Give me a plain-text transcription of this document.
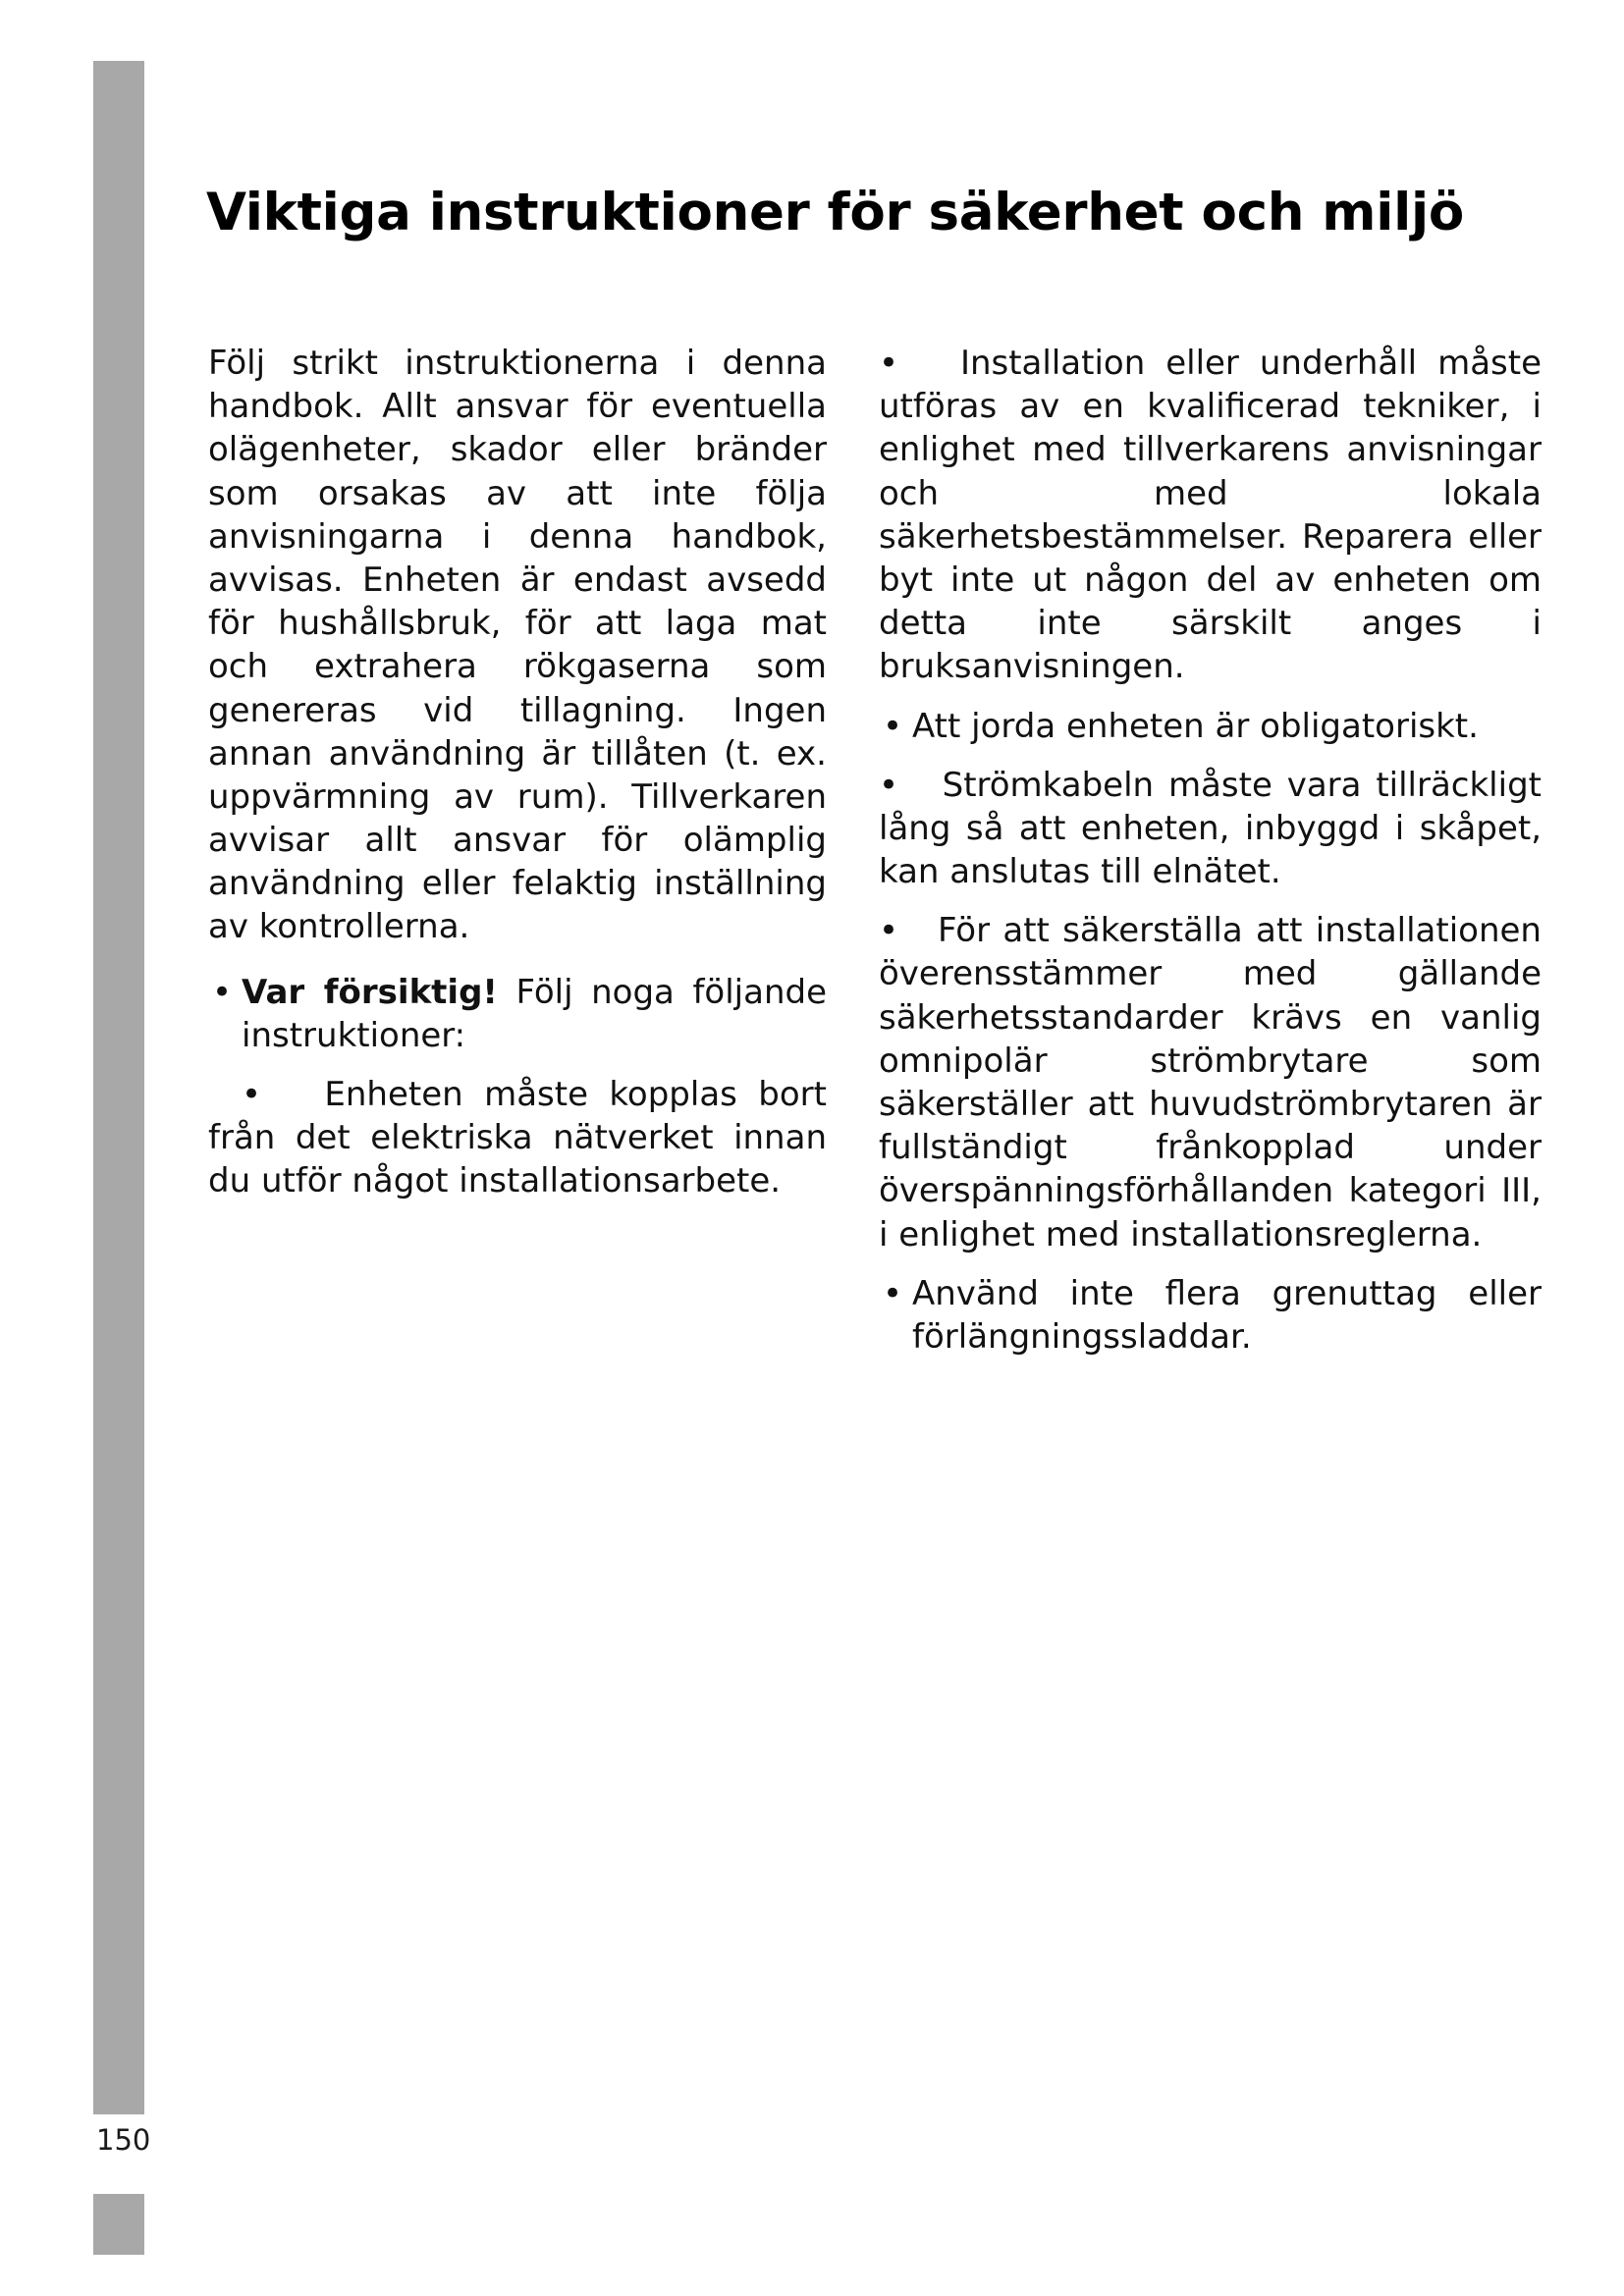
150
Viktiga instruktioner för säkerhet och miljö

Följ strikt instruktionerna i denna handbok. Allt ansvar för eventuella olägenheter, skador eller bränder som orsakas av att inte följa anvisningarna i denna handbok, avvisas. Enheten är endast avsedd för hushållsbruk, för att laga mat och extrahera rökgaserna som genereras vid tillagning. Ingen annan användning är tillåten (t. ex. uppvärmning av rum). Tillverkaren avvisar allt ansvar för olämplig användning eller felaktig inställning av kontrollerna.

• Var försiktig! Följ noga följande instruktioner:
• Enheten måste kopplas bort från det elektriska nätverket innan du utför något installationsarbete.
• Installation eller underhåll måste utföras av en kvalificerad tekniker, i enlighet med tillverkarens anvisningar och med lokala säkerhetsbestämmelser. Reparera eller byt inte ut någon del av enheten om detta inte särskilt anges i bruksanvisningen.
• Att jorda enheten är obligatoriskt.
• Strömkabeln måste vara tillräckligt lång så att enheten, inbyggd i skåpet, kan anslutas till elnätet.
• För att säkerställa att installationen överensstämmer med gällande säkerhetsstandarder krävs en vanlig omnipolär strömbrytare som säkerställer att huvudströmbrytaren är fullständigt frånkopplad under överspänningsförhållanden kategori III, i enlighet med installationsreglerna.
• Använd inte flera grenuttag eller förlängningssladdar.
